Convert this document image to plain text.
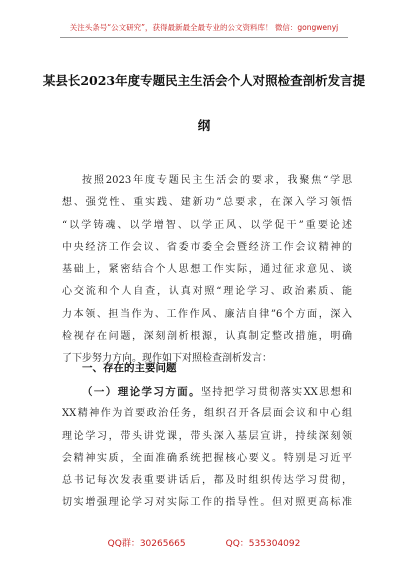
关注头条号“公文研究”，获得最新最全最专业的公文资料库！ 微信：gongwenyj
某县长2023年度专题民主生活会个人对照检查剖析发言提
纲
按照2023年度专题民主生活会的要求，我聚焦“学思
想、强党性、重实践、建新功”总要求，在深入学习领悟
“以学铸魂、以学增智、以学正风、以学促干”重要论述
中央经济工作会议、省委市委全会暨经济工作会议精神的
基础上，紧密结合个人思想工作实际，通过征求意见、谈
心交流和个人自查，认真对照“理论学习、政治素质、能
力本领、担当作为、工作作风、廉洁自律”6个方面，深入
检视存在问题，深刻剖析根源，认真制定整改措施，明确
了下步努力方向。现作如下对照检查剖析发言：
一、存在的主要问题
（一）理论学习方面。坚持把学习贯彻落实XX思想和
XX精神作为首要政治任务，组织召开各层面会议和中心组
理论学习，带头讲党课，带头深入基层宣讲，持续深刻领
会精神实质，全面准确系统把握核心要义。特别是习近平
总书记每次发表重要讲话后，都及时组织传达学习贯彻，
切实增强理论学习对实际工作的指导性。但对照更高标准
QQ群：30265665	QQ：535304092
